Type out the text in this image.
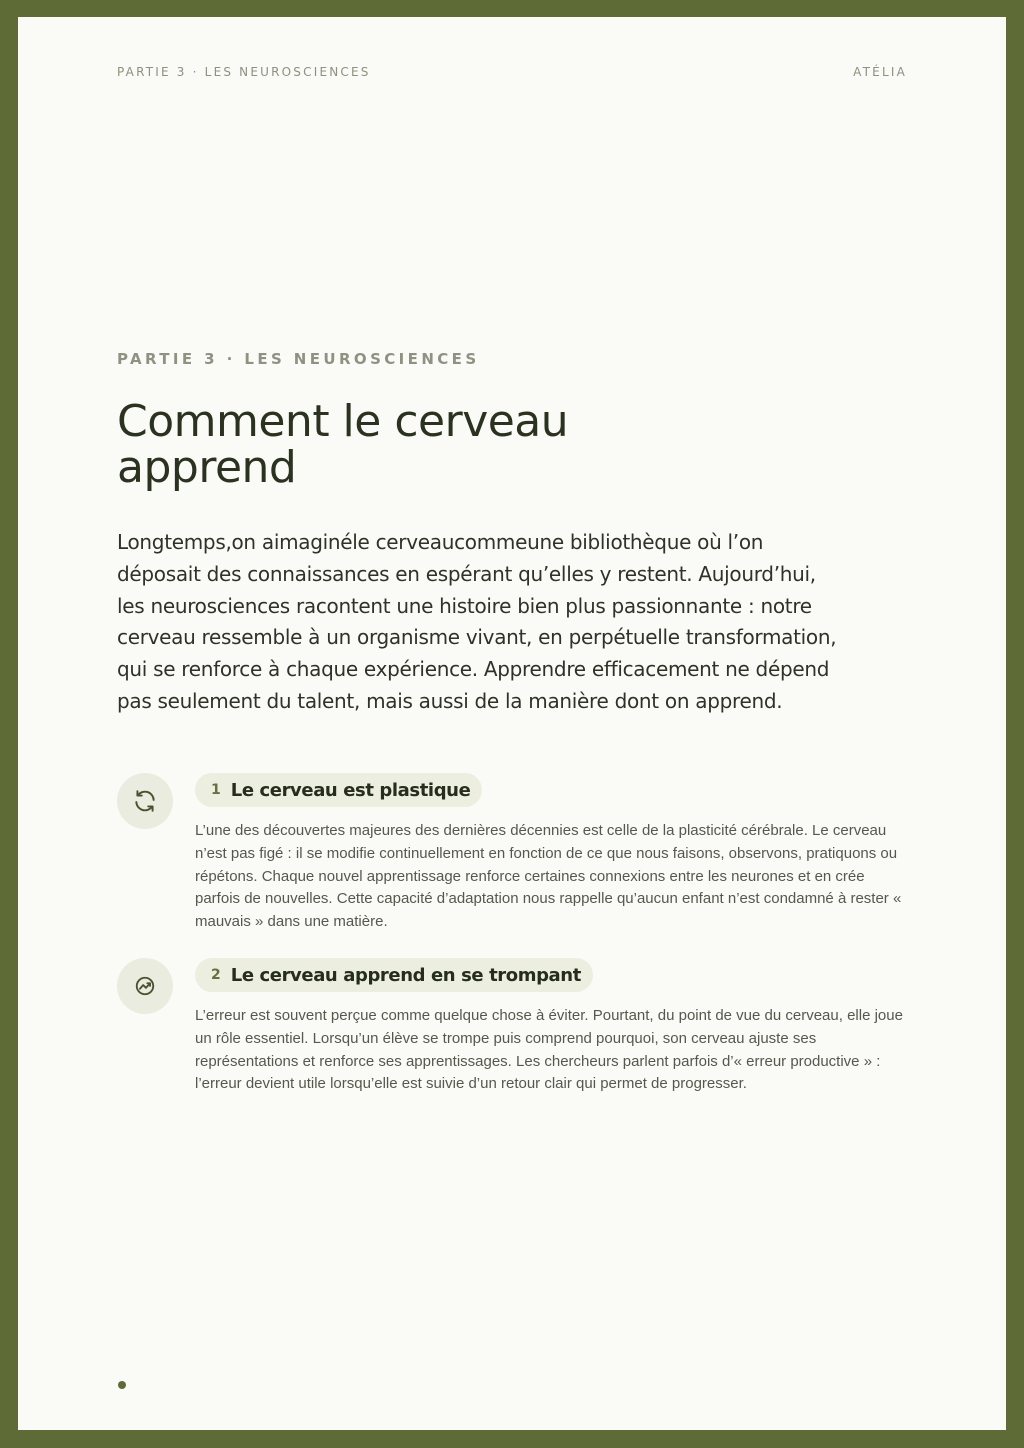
PARTIE 3 · LES NEUROSCIENCES	ATÉLIA
PARTIE 3 · LES NEUROSCIENCES
Comment le cerveau apprend

Longtemps,on aimaginéle cerveaucommeune bibliothèque où l’on déposait des connaissances en espérant qu’elles y restent. Aujourd’hui, les neurosciences racontent une histoire bien plus passionnante : notre cerveau ressemble à un organisme vivant, en perpétuelle transformation, qui se renforce à chaque expérience. Apprendre efficacement ne dépend pas seulement du talent, mais aussi de la manière dont on apprend.

1 Le cerveau est plastique

L’une des découvertes majeures des dernières décennies est celle de la plasticité cérébrale. Le cerveau n’est pas figé : il se modifie continuellement en fonction de ce que nous faisons, observons, pratiquons ou répétons. Chaque nouvel apprentissage renforce certaines connexions entre les neurones et en crée parfois de nouvelles. Cette capacité d’adaptation nous rappelle qu’aucun enfant n’est condamné à rester « mauvais » dans une matière.

2 Le cerveau apprend en se trompant

L’erreur est souvent perçue comme quelque chose à éviter. Pourtant, du point de vue du cerveau, elle joue un rôle essentiel. Lorsqu’un élève se trompe puis comprend pourquoi, son cerveau ajuste ses représentations et renforce ses apprentissages. Les chercheurs parlent parfois d’« erreur productive » : l’erreur devient utile lorsqu’elle est suivie d’un retour clair qui permet de progresser.
